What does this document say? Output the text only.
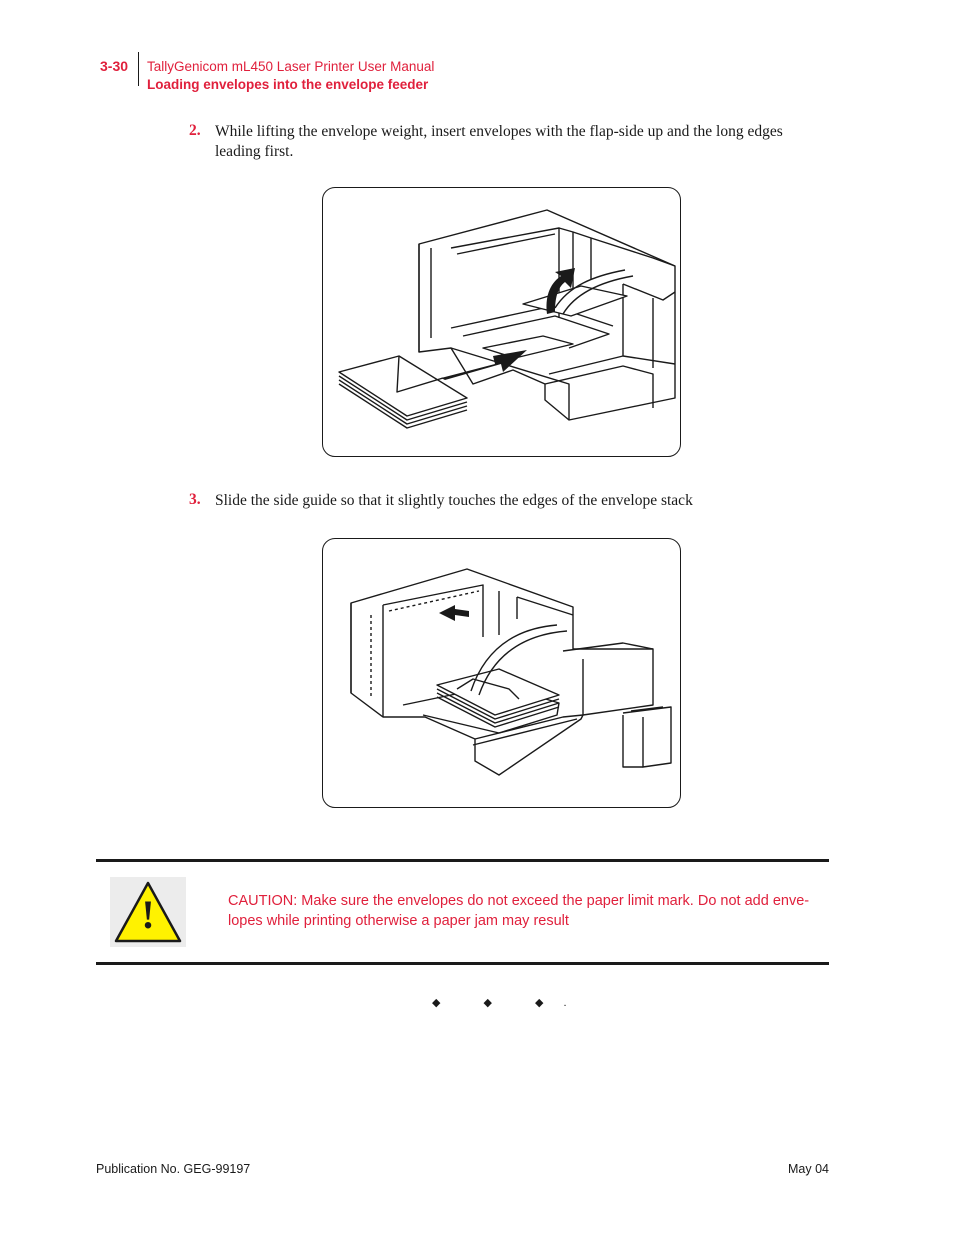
3-30 TallyGenicom mL450 Laser Printer User Manual
Loading envelopes into the envelope feeder
2. While lifting the envelope weight, insert envelopes with the flap-side up and the long edges
leading first.
3. Slide the side guide so that it slightly touches the edges of the envelope stack
!	CAUTION: Make sure the envelopes do not exceed the paper limit mark. Do not add enve-
lopes while printing otherwise a paper jam may result
◆ ◆ ◆.
Publication No. GEG-99197	May 04
